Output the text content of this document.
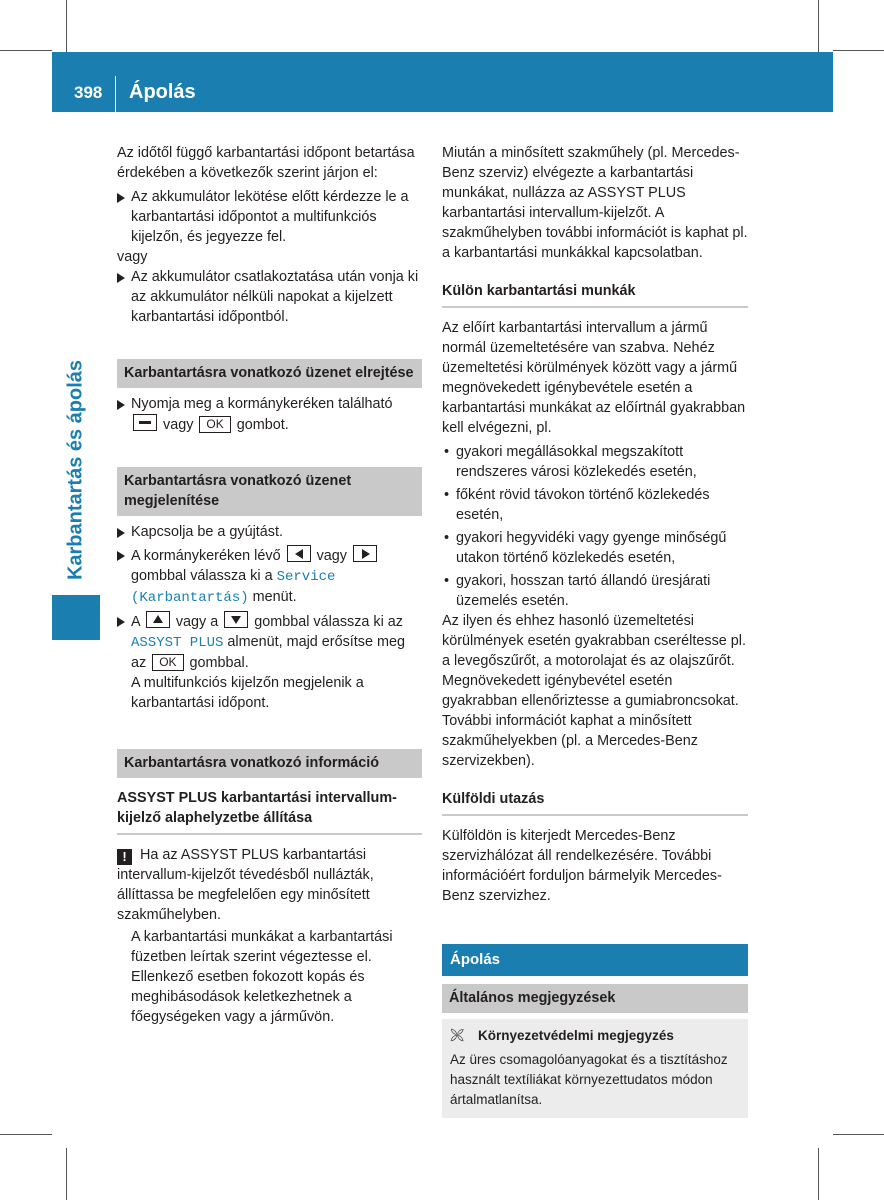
398 Ápolás
Karbantartás és ápolás

Az időtől függő karbantartási időpont betartása érdekében a következők szerint járjon el:

Az akkumulátor lekötése előtt kérdezze le a karbantartási időpontot a multifunkciós kijelzőn, és jegyezze fel.

vagy

Az akkumulátor csatlakoztatása után vonja ki az akkumulátor nélküli napokat a kijelzett karbantartási időpontból.

Karbantartásra vonatkozó üzenet elrejtése

Nyomja meg a kormánykeréken található
vagy OK gombot.

Karbantartásra vonatkozó üzenet megjelenítése

Kapcsolja be a gyújtást.

A kormánykeréken lévő	vagy  gombbal válassza ki a Service (Karbantartás) menüt.

A	vagy a	gombbal válassza ki az ASSYST PLUS almenüt, majd erősítse meg az OK gombbal.
A multifunkciós kijelzőn megjelenik a karbantartási időpont.

Karbantartásra vonatkozó információ

ASSYST PLUS karbantartási intervallum-kijelző alaphelyzetbe állítása

! Ha az ASSYST PLUS karbantartási intervallum-kijelzőt tévedésből nullázták, állíttassa be megfelelően egy minősített szakműhelyben.

A karbantartási munkákat a karbantartási füzetben leírtak szerint végeztesse el. Ellenkező esetben fokozott kopás és meghibásodások keletkezhetnek a főegységeken vagy a járművön.

Miután a minősített szakműhely (pl. Mercedes-Benz szerviz) elvégezte a karbantartási munkákat, nullázza az ASSYST PLUS karbantartási intervallum-kijelzőt. A szakműhelyben további információt is kaphat pl. a karbantartási munkákkal kapcsolatban.

Külön karbantartási munkák

Az előírt karbantartási intervallum a jármű normál üzemeltetésére van szabva. Nehéz üzemeltetési körülmények között vagy a jármű megnövekedett igénybevétele esetén a karbantartási munkákat az előírtnál gyakrabban kell elvégezni, pl.

• gyakori megállásokkal megszakított rendszeres városi közlekedés esetén,

• főként rövid távokon történő közlekedés esetén,

• gyakori hegyvidéki vagy gyenge minőségű utakon történő közlekedés esetén,

• gyakori, hosszan tartó állandó üresjárati üzemelés esetén.

Az ilyen és ehhez hasonló üzemeltetési körülmények esetén gyakrabban cseréltesse pl. a levegőszűrőt, a motorolajat és az olajszűrőt. Megnövekedett igénybevétel esetén gyakrabban ellenőriztesse a gumiabroncsokat. További információt kaphat a minősített szakműhelyekben (pl. a Mercedes-Benz szervizekben).

Külföldi utazás

Külföldön is kiterjedt Mercedes-Benz szervizhálózat áll rendelkezésére. További információért forduljon bármelyik Mercedes-Benz szervizhez.

Ápolás
Általános megjegyzések
🙪 Környezetvédelmi megjegyzés

Az üres csomagolóanyagokat és a tisztításhoz használt textíliákat környezettudatos módon ártalmatlanítsa.
